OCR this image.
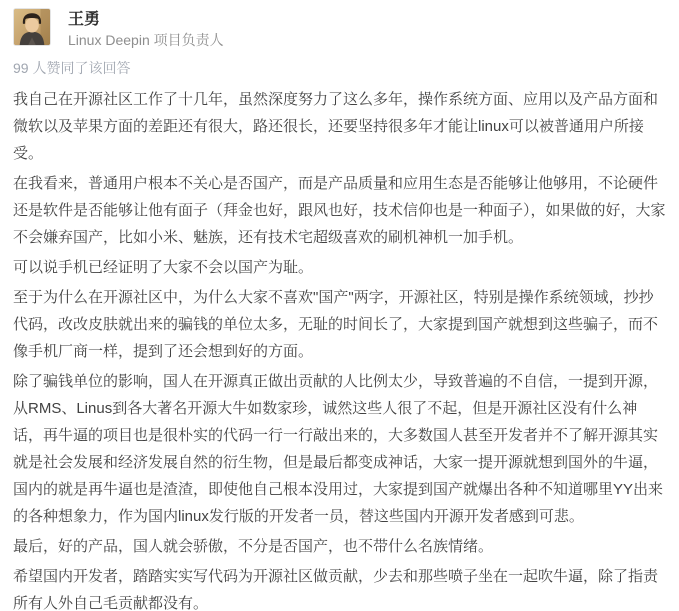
王勇
Linux Deepin 项目负责人
99 人赞同了该回答

我自己在开源社区工作了十几年，虽然深度努力了这么多年，操作系统方面、应用以及产品方面和微软以及苹果方面的差距还有很大，路还很长，还要坚持很多年才能让linux可以被普通用户所接受。

在我看来，普通用户根本不关心是否国产，而是产品质量和应用生态是否能够让他够用，不论硬件还是软件是否能够让他有面子（拜金也好，跟风也好，技术信仰也是一种面子），如果做的好，大家不会嫌弃国产，比如小米、魅族，还有技术宅超级喜欢的刷机神机一加手机。

可以说手机已经证明了大家不会以国产为耻。

至于为什么在开源社区中，为什么大家不喜欢"国产"两字，开源社区，特别是操作系统领域，抄抄代码，改改皮肤就出来的骗钱的单位太多，无耻的时间长了，大家提到国产就想到这些骗子，而不像手机厂商一样，提到了还会想到好的方面。

除了骗钱单位的影响，国人在开源真正做出贡献的人比例太少，导致普遍的不自信，一提到开源，从RMS、Linus到各大著名开源大牛如数家珍，诚然这些人很了不起，但是开源社区没有什么神话，再牛逼的项目也是很朴实的代码一行一行敲出来的，大多数国人甚至开发者并不了解开源其实就是社会发展和经济发展自然的衍生物，但是最后都变成神话，大家一提开源就想到国外的牛逼，国内的就是再牛逼也是渣渣，即使他自己根本没用过，大家提到国产就爆出各种不知道哪里YY出来的各种想象力，作为国内linux发行版的开发者一员，替这些国内开源开发者感到可悲。

最后，好的产品，国人就会骄傲，不分是否国产，也不带什么名族情绪。

希望国内开发者，踏踏实实写代码为开源社区做贡献，少去和那些喷子坐在一起吹牛逼，除了指责所有人外自己毛贡献都没有。
